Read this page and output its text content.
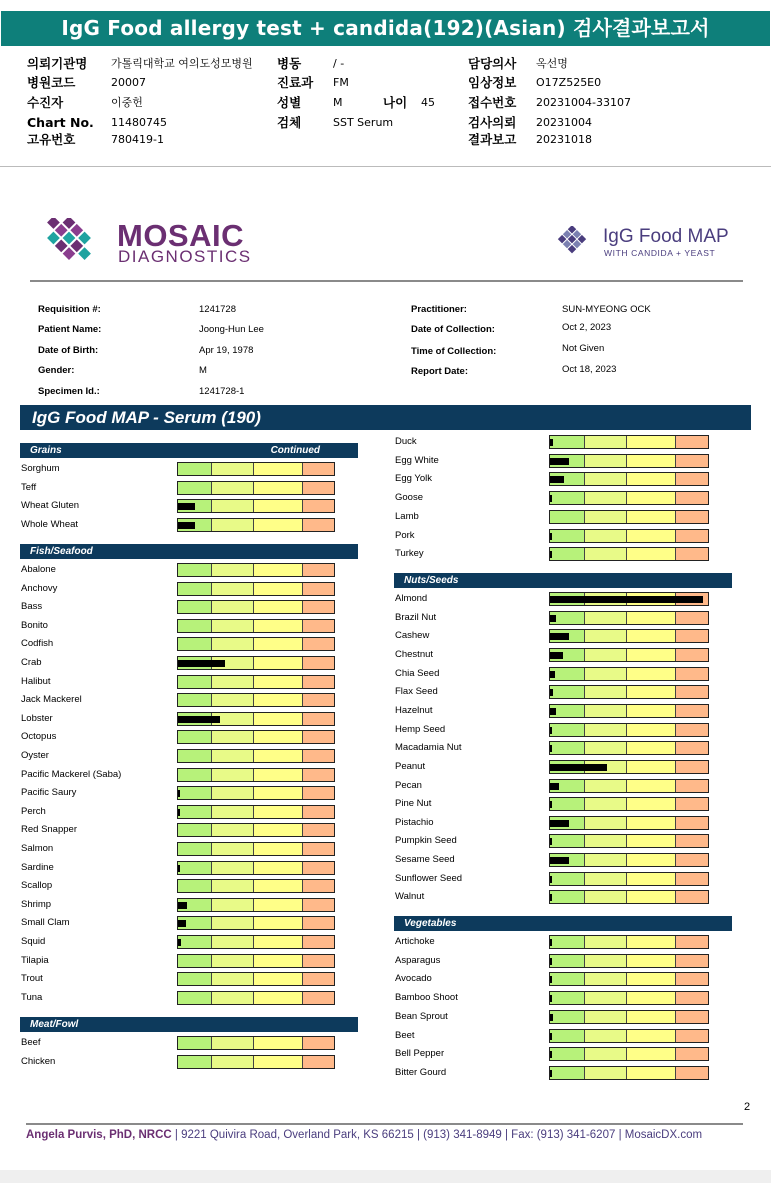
IgG Food allergy test + candida(192)(Asian) 검사결과보고서
의뢰기관명 가톨릭대학교 여의도성모병원 병동	/ -	담당의사 옥선명
병원코드	20007	진료과 FM	임상정보 O17Z525E0
수진자	이중헌	성별	M	나이 45	접수번호 20231004-33107
Chart No. 11480745	검체	SST Serum	검사의뢰 20231004
고유번호	780419-1	결과보고 20231018
MOSAIC
DIAGNOSTICS
IgG Food MAP
WITH CANDIDA + YEAST
Requisition #:	1241728
Patient Name:	Joong-Hun Lee
Date of Birth:	Apr 19, 1978
Gender:	M
Specimen Id.:	1241728-1
Practitioner:	SUN-MYEONG OCK
Date of Collection:	Oct 2, 2023
Time of Collection:	Not Given
Report Date:	Oct 18, 2023
IgG Food MAP - Serum (190)
Grains	Continued
Sorghum
Teff
Wheat Gluten
Whole Wheat
Fish/Seafood
Abalone
Anchovy
Bass
Bonito
Codfish
Crab
Halibut
Jack Mackerel
Lobster
Octopus
Oyster
Pacific Mackerel (Saba)
Pacific Saury
Perch
Red Snapper
Salmon
Sardine
Scallop
Shrimp
Small Clam
Squid
Tilapia
Trout
Tuna
Meat/Fowl
Beef
Chicken
Duck
Egg White
Egg Yolk
Goose
Lamb
Pork
Turkey
Nuts/Seeds
Almond
Brazil Nut
Cashew
Chestnut
Chia Seed
Flax Seed
Hazelnut
Hemp Seed
Macadamia Nut
Peanut
Pecan
Pine Nut
Pistachio
Pumpkin Seed
Sesame Seed
Sunflower Seed
Walnut
Vegetables
Artichoke
Asparagus
Avocado
Bamboo Shoot
Bean Sprout
Beet
Bell Pepper
Bitter Gourd
2
Angela Purvis, PhD, NRCC | 9221 Quivira Road, Overland Park, KS 66215 | (913) 341-8949 | Fax: (913) 341-6207 | MosaicDX.com
